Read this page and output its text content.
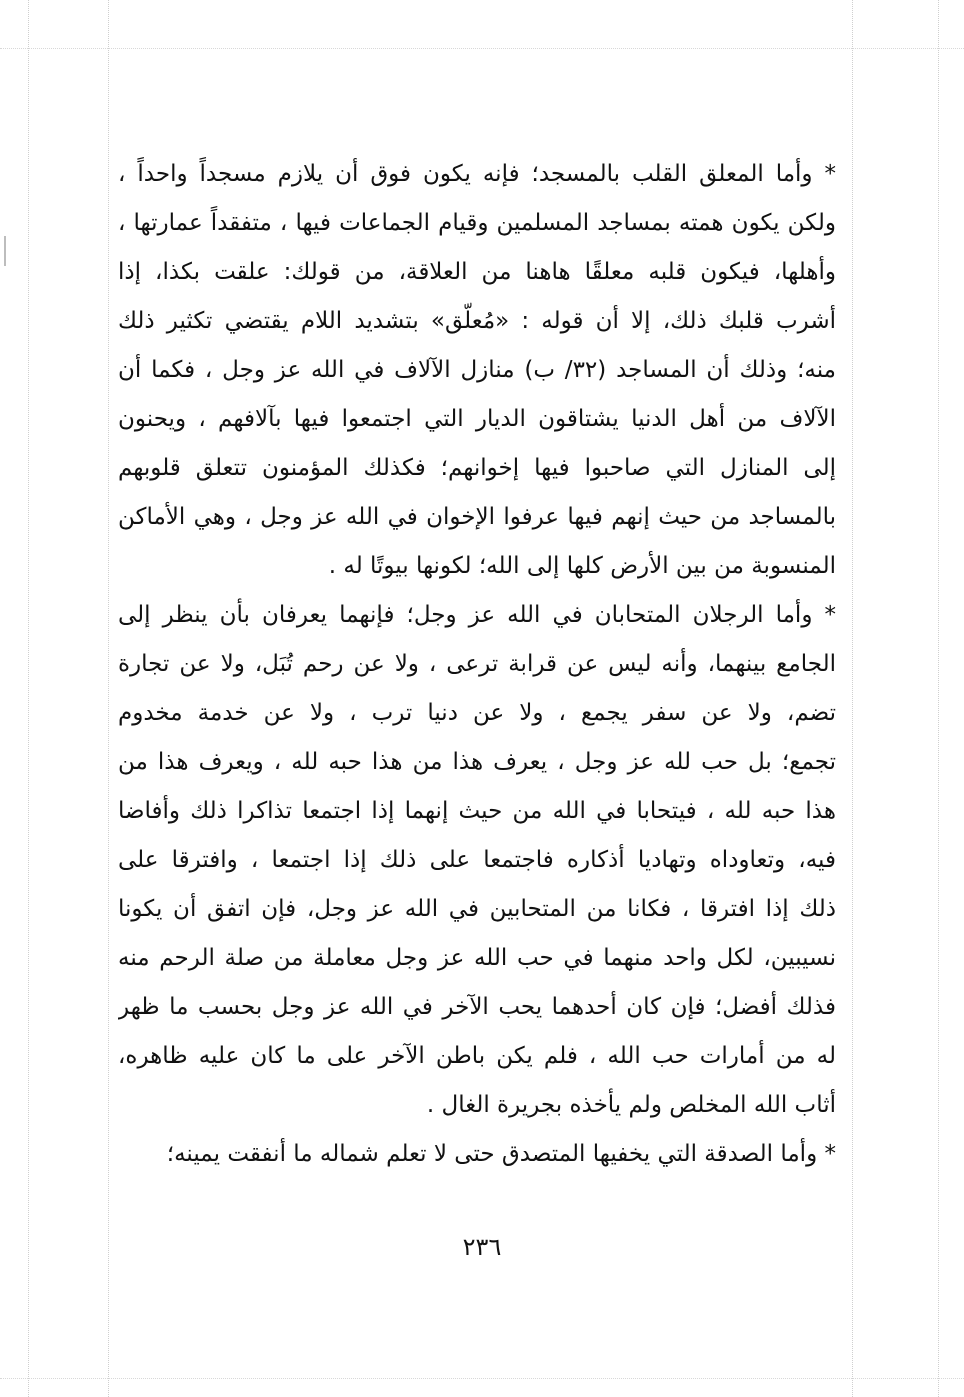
* وأما المعلق القلب بالمسجد؛ فإنه يكون فوق أن يلازم مسجداً واحداً ،
ولكن يكون همته بمساجد المسلمين وقيام الجماعات فيها ، متفقداً عمارتها ،
وأهلها، فيكون قلبه معلقًا هاهنا من العلاقة، من قولك: علقت بكذا، إذا
أشرب قلبك ذلك، إلا أن قوله : «مُعلّق» بتشديد اللام يقتضي تكثير ذلك
منه؛ وذلك أن المساجد (٣٢/ ب) منازل الآلاف في الله عز وجل ، فكما أن
الآلاف من أهل الدنيا يشتاقون الديار التي اجتمعوا فيها بآلافهم ، ويحنون
إلى المنازل التي صاحبوا فيها إخوانهم؛ فكذلك المؤمنون تتعلق قلوبهم
بالمساجد من حيث إنهم فيها عرفوا الإخوان في الله عز وجل ، وهي الأماكن
المنسوبة من بين الأرض كلها إلى الله؛ لكونها بيوتًا له .
* وأما الرجلان المتحابان في الله عز وجل؛ فإنهما يعرفان بأن ينظر إلى
الجامع بينهما، وأنه ليس عن قرابة ترعى ، ولا عن رحم تُبَل، ولا عن تجارة
تضم، ولا عن سفر يجمع ، ولا عن دنيا ترب ، ولا عن خدمة مخدوم
تجمع؛ بل حب لله عز وجل ، يعرف هذا من هذا حبه لله ، ويعرف هذا من
هذا حبه لله ، فيتحابا في الله من حيث إنهما إذا اجتمعا تذاكرا ذلك وأفاضا
فيه، وتعاوداه وتهاديا أذكاره فاجتمعا على ذلك إذا اجتمعا ، وافترقا على
ذلك إذا افترقا ، فكانا من المتحابين في الله عز وجل، فإن اتفق أن يكونا
نسيبين، لكل واحد منهما في حب الله عز وجل معاملة من صلة الرحم منه
فذلك أفضل؛ فإن كان أحدهما يحب الآخر في الله عز وجل بحسب ما ظهر
له من أمارات حب الله ، فلم يكن باطن الآخر على ما كان عليه ظاهره،
أثاب الله المخلص ولم يأخذه بجريرة الغال .
* وأما الصدقة التي يخفيها المتصدق حتى لا تعلم شماله ما أنفقت يمينه؛
٢٣٦
